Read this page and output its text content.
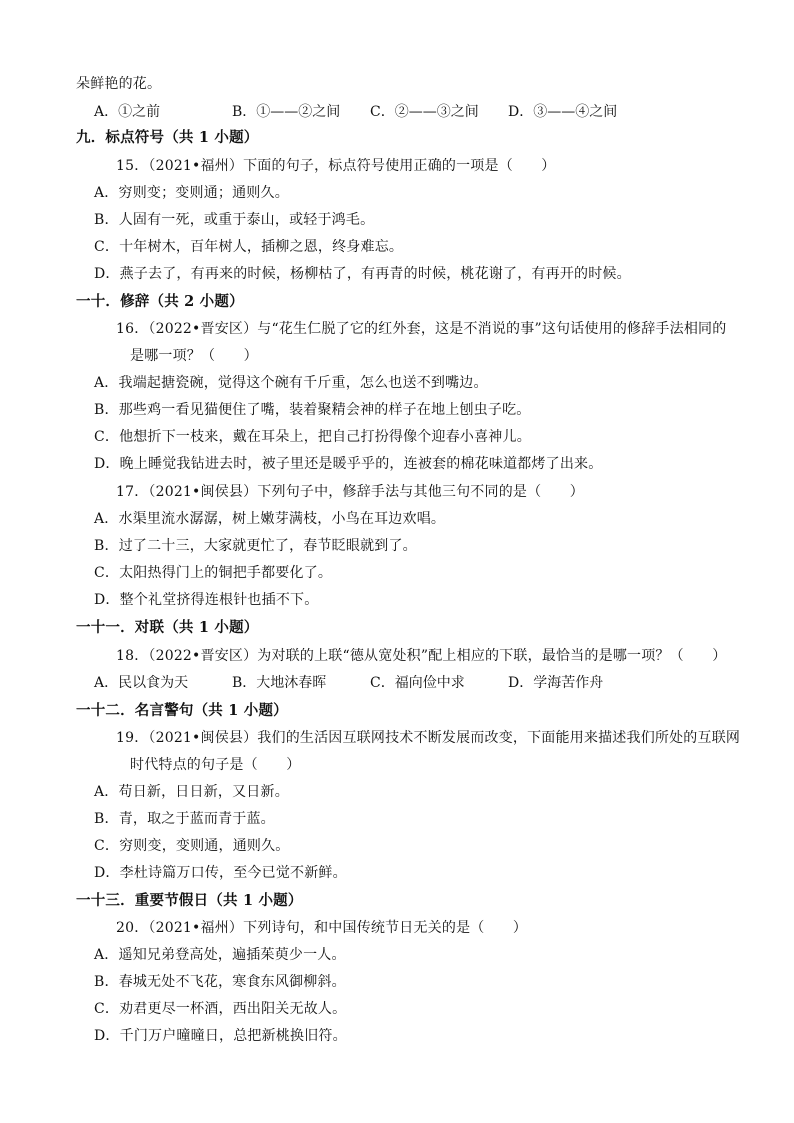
朵鲜艳的花。
A．①之前	B．①——②之间 C．②——③之间 D．③——④之间
九．标点符号（共 1 小题）
15．（2021•福州）下面的句子，标点符号使用正确的一项是（　　）
A．穷则变；变则通；通则久。
B．人固有一死，或重于泰山，或轻于鸿毛。
C．十年树木，百年树人，插柳之恩，终身难忘。
D．燕子去了，有再来的时候，杨柳枯了，有再青的时候，桃花谢了，有再开的时候。
一十．修辞（共 2 小题）
16．（2022•晋安区）与“花生仁脱了它的红外套，这是不消说的事”这句话使用的修辞手法相同的
是哪一项？（　　）
A．我端起搪瓷碗，觉得这个碗有千斤重，怎么也送不到嘴边。
B．那些鸡一看见猫便住了嘴，装着聚精会神的样子在地上刨虫子吃。
C．他想折下一枝来，戴在耳朵上，把自己打扮得像个迎春小喜神儿。
D．晚上睡觉我钻进去时，被子里还是暖乎乎的，连被套的棉花味道都烤了出来。
17．（2021•闽侯县）下列句子中，修辞手法与其他三句不同的是（　　）
A．水渠里流水潺潺，树上嫩芽满枝，小鸟在耳边欢唱。
B．过了二十三，大家就更忙了，春节眨眼就到了。
C．太阳热得门上的铜把手都要化了。
D．整个礼堂挤得连根针也插不下。
一十一．对联（共 1 小题）
18．（2022•晋安区）为对联的上联“德从宽处积”配上相应的下联，最恰当的是哪一项？（　　）
A．民以食为天	B．大地沐春晖	C．福向俭中求	D．学海苦作舟
一十二．名言警句（共 1 小题）
19．（2021•闽侯县）我们的生活因互联网技术不断发展而改变，下面能用来描述我们所处的互联网
时代特点的句子是（　　）
A．苟日新，日日新，又日新。
B．青，取之于蓝而青于蓝。
C．穷则变，变则通，通则久。
D．李杜诗篇万口传，至今已觉不新鲜。
一十三．重要节假日（共 1 小题）
20．（2021•福州）下列诗句，和中国传统节日无关的是（　　）
A．遥知兄弟登高处，遍插茱萸少一人。
B．春城无处不飞花，寒食东风御柳斜。
C．劝君更尽一杯酒，西出阳关无故人。
D．千门万户曈曈日，总把新桃换旧符。
